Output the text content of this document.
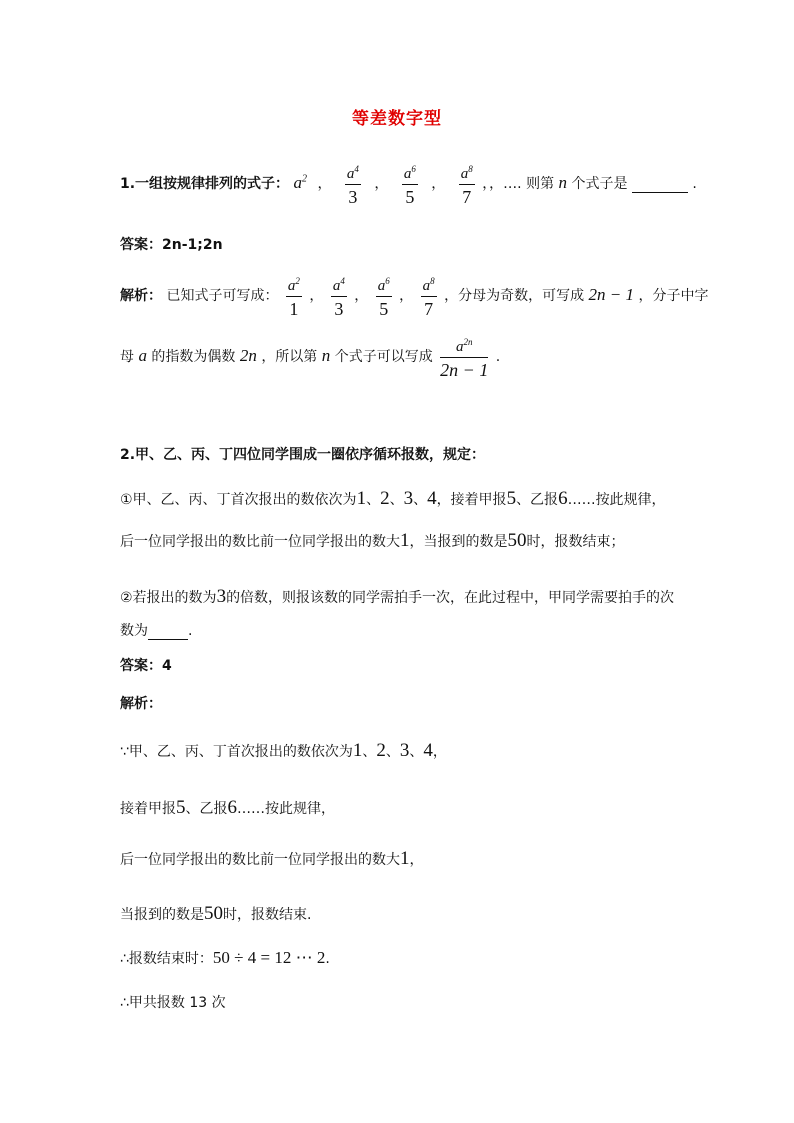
等差数字型
1.一组按规律排列的式子： $a^2$ ， $\frac{a^4}{3}$ ， $\frac{a^6}{5}$ ， $\frac{a^8}{7}$ ，，…. 则第 n 个式子是	.
答案：2n-1;2n
解析： 已知式子可写成： $\frac{a^2}{1}$ ， $\frac{a^4}{3}$ ， $\frac{a^6}{5}$ ， $\frac{a^8}{7}$ ，分母为奇数，可写成 2n − 1 ，分子中字
母 a 的指数为偶数 2n ，所以第 n 个式子可以写成 $\frac{a^{2n}}{2n - 1}$ .
2.甲、乙、丙、丁四位同学围成一圈依序循环报数，规定：
①甲、乙、丙、丁首次报出的数依次为1、2、3、4，接着甲报5、乙报6……按此规律，
后一位同学报出的数比前一位同学报出的数大1，当报到的数是50时，报数结束；
②若报出的数为3的倍数，则报该数的同学需拍手一次，在此过程中，甲同学需要拍手的次
数为	.
答案：4
解析：
∵甲、乙、丙、丁首次报出的数依次为1、2、3、4，
接着甲报5、乙报6……按此规律，
后一位同学报出的数比前一位同学报出的数大1，
当报到的数是50时，报数结束.
∴报数结束时：50 ÷ 4 = 12 ⋯ 2.
∴甲共报数 13 次
